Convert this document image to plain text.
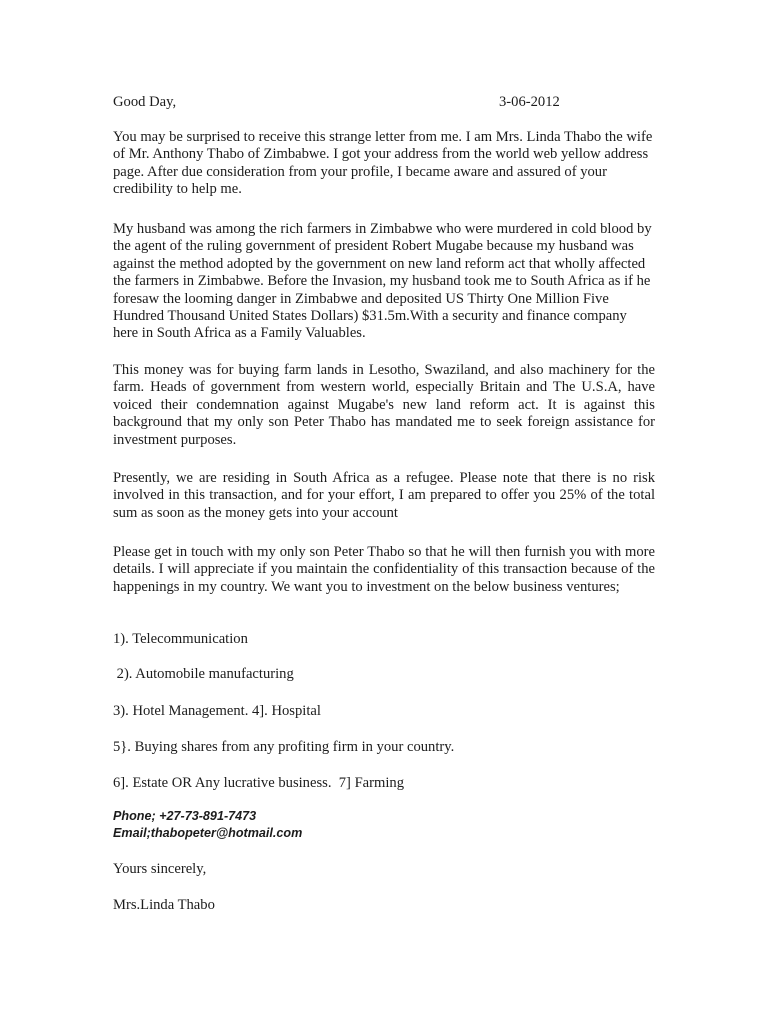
Good Day,	3-06-2012

You may be surprised to receive this strange letter from me. I am Mrs. Linda Thabo the wife of Mr. Anthony Thabo of Zimbabwe. I got your address from the world web yellow address page. After due consideration from your profile, I became aware and assured of your credibility to help me.

My husband was among the rich farmers in Zimbabwe who were murdered in cold blood by the agent of the ruling government of president Robert Mugabe because my husband was against the method adopted by the government on new land reform act that wholly affected the farmers in Zimbabwe. Before the Invasion, my husband took me to South Africa as if he foresaw the looming danger in Zimbabwe and deposited US Thirty One Million Five Hundred Thousand United States Dollars) $31.5m.With a security and finance company here in South Africa as a Family Valuables.

This money was for buying farm lands in Lesotho, Swaziland, and also machinery for the farm. Heads of government from western world, especially Britain and The U.S.A, have voiced their condemnation against Mugabe's new land reform act. It is against this background that my only son Peter Thabo has mandated me to seek foreign assistance for investment purposes.

Presently, we are residing in South Africa as a refugee. Please note that there is no risk involved in this transaction, and for your effort, I am prepared to offer you 25% of the total sum as soon as the money gets into your account

Please get in touch with my only son Peter Thabo so that he will then furnish you with more details. I will appreciate if you maintain the confidentiality of this transaction because of the happenings in my country. We want you to investment on the below business ventures;

1). Telecommunication

2). Automobile manufacturing

3). Hotel Management. 4]. Hospital

5}. Buying shares from any profiting firm in your country.

6]. Estate OR Any lucrative business.  7] Farming

Phone; +27-73-891-7473
Email;thabopeter@hotmail.com

Yours sincerely,

Mrs.Linda Thabo
